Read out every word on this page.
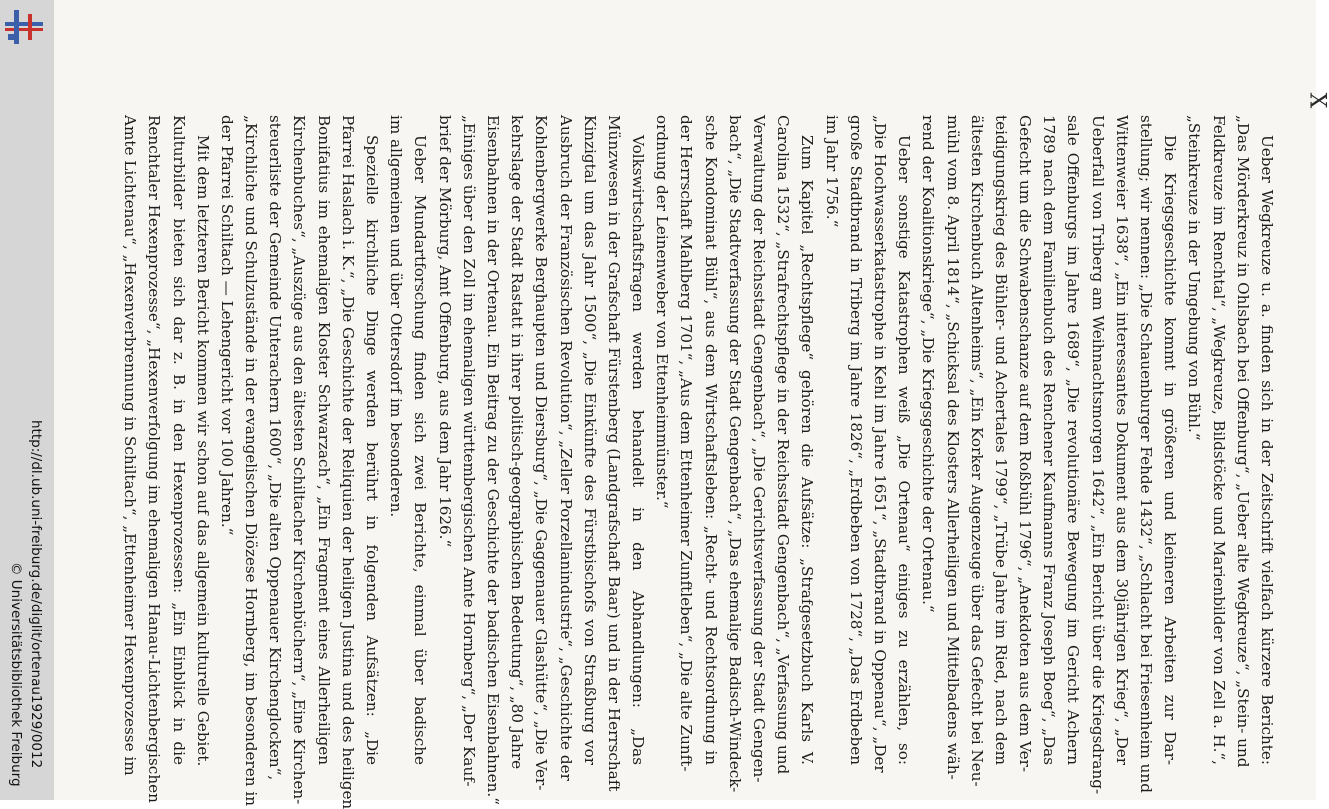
http://dl.ub.uni-freiburg.de/diglit/ortenau1929/0012
© Universitätsbibliothek Freiburg
X
Ueber Wegkreuze u. a. finden sich in der Zeitschrift vielfach kürzere Berichte:
„Das Mörderkreuz in Ohlsbach bei Offenburg“, „Ueber alte Wegkreuze“, „Stein- und
Feldkreuze im Renchtal“, „Wegkreuze, Bildstöcke und Marienbilder von Zell a. H.“,
„Steinkreuze in der Umgebung von Bühl.“
Die Kriegsgeschichte kommt in größeren und kleineren Arbeiten zur Dar-
stellung; wir nennen: „Die Schauenburger Fehde 1432“, „Schlacht bei Friesenheim und
Wittenweier 1638“, „Ein interessantes Dokument aus dem 30jährigen Krieg“, „Der
Ueberfall von Triberg am Weihnachtsmorgen 1642“, „Ein Bericht über die Kriegsdrang-
sale Offenburgs im Jahre 1689“, „Die revolutionäre Bewegung im Gericht Achern
1789 nach dem Familienbuch des Renchener Kaufmanns Franz Joseph Boeg“, „Das
Gefecht um die Schwabenschanze auf dem Roßbühl 1796“, „Anekdoten aus dem Ver-
teidigungskrieg des Bühler- und Achertales 1799“, „Trübe Jahre im Ried, nach dem
ältesten Kirchenbuch Altenheims“, „Ein Korker Augenzeuge über das Gefecht bei Neu-
mühl vom 8. April 1814“, „Schicksal des Klosters Allerheiligen und Mittelbadens wäh-
rend der Koalitionskriege“, „Die Kriegsgeschichte der Ortenau.“
Ueber sonstige Katastrophen weiß „Die Ortenau“ einiges zu erzählen, so:
„Die Hochwasserkatastrophe in Kehl im Jahre 1651“, „Stadtbrand in Oppenau“, „Der
große Stadtbrand in Triberg im Jahre 1826“, „Erdbeben von 1728“, „Das Erdbeben
im Jahr 1756.“
Zum Kapitel „Rechtspflege“ gehören die Aufsätze: „Strafgesetzbuch Karls V.
Carolina 1532“, „Strafrechtspflege in der Reichsstadt Gengenbach“, „Verfassung und
Verwaltung der Reichsstadt Gengenbach“, „Die Gerichtsverfassung der Stadt Gengen-
bach“, „Die Stadtverfassung der Stadt Gengenbach“, „Das ehemalige Badisch-Windeck-
sche Kondominat Bühl“, aus dem Wirtschaftsleben: „Recht- und Rechtsordnung in
der Herrschaft Mahlberg 1701“, „Aus dem Ettenheimer Zunftleben“, „Die alte Zunft-
ordnung der Leinenweber von Ettenheimmünster.“
Volkswirtschaftsfragen werden behandelt in den Abhandlungen: „Das
Münzwesen in der Grafschaft Fürstenberg (Landgrafschaft Baar) und in der Herrschaft
Kinzigtal um das Jahr 1500“, „Die Einkünfte des Fürstbischofs von Straßburg vor
Ausbruch der Französischen Revolution“, „Zeller Porzellanindustrie“, „Geschichte der
Kohlenbergwerke Berghaupten und Diersburg“, „Die Gaggenauer Glashütte“, „Die Ver-
kehrslage der Stadt Rastatt in ihrer politisch-geographischen Bedeutung“, „80 Jahre
Eisenbahnen in der Ortenau. Ein Beitrag zu der Geschichte der badischen Eisenbahnen.“
„Einiges über den Zoll im ehemaligen württembergischen Amte Hornberg“, „Der Kauf-
brief der Mörburg, Amt Offenburg, aus dem Jahr 1626.“
Ueber Mundartforschung finden sich zwei Berichte, einmal über badische
im allgemeinen und über Ottersdorf im besonderen.
Spezielle kirchliche Dinge werden berührt in folgenden Aufsätzen: „Die
Pfarrei Haslach i. K.“, „Die Geschichte der Reliquien der heiligen Justina und des heiligen
Bonifatius im ehemaligen Kloster Schwarzach“, „Ein Fragment eines Allerheiligen
Kirchenbuches“, „Auszüge aus den ältesten Schiltacher Kirchenbüchern“, „Eine Kirchen-
steuerliste der Gemeinde Unterachern 1600“, „Die alten Oppenauer Kirchenglocken“,
„Kirchliche und Schulzustände in der evangelischen Diözese Hornberg, im besonderen in
der Pfarrei Schiltach — Lehengericht vor 100 Jahren.“
Mit dem letzteren Bericht kommen wir schon auf das allgemein kulturelle Gebiet.
Kulturbilder bieten sich dar z. B. in den Hexenprozessen: „Ein Einblick in die
Renchtaler Hexenprozesse“, „Hexenverfolgung im ehemaligen Hanau-Lichtenbergischen
Amte Lichtenau“, „Hexenverbrennung in Schiltach“, „Ettenheimer Hexenprozesse im
